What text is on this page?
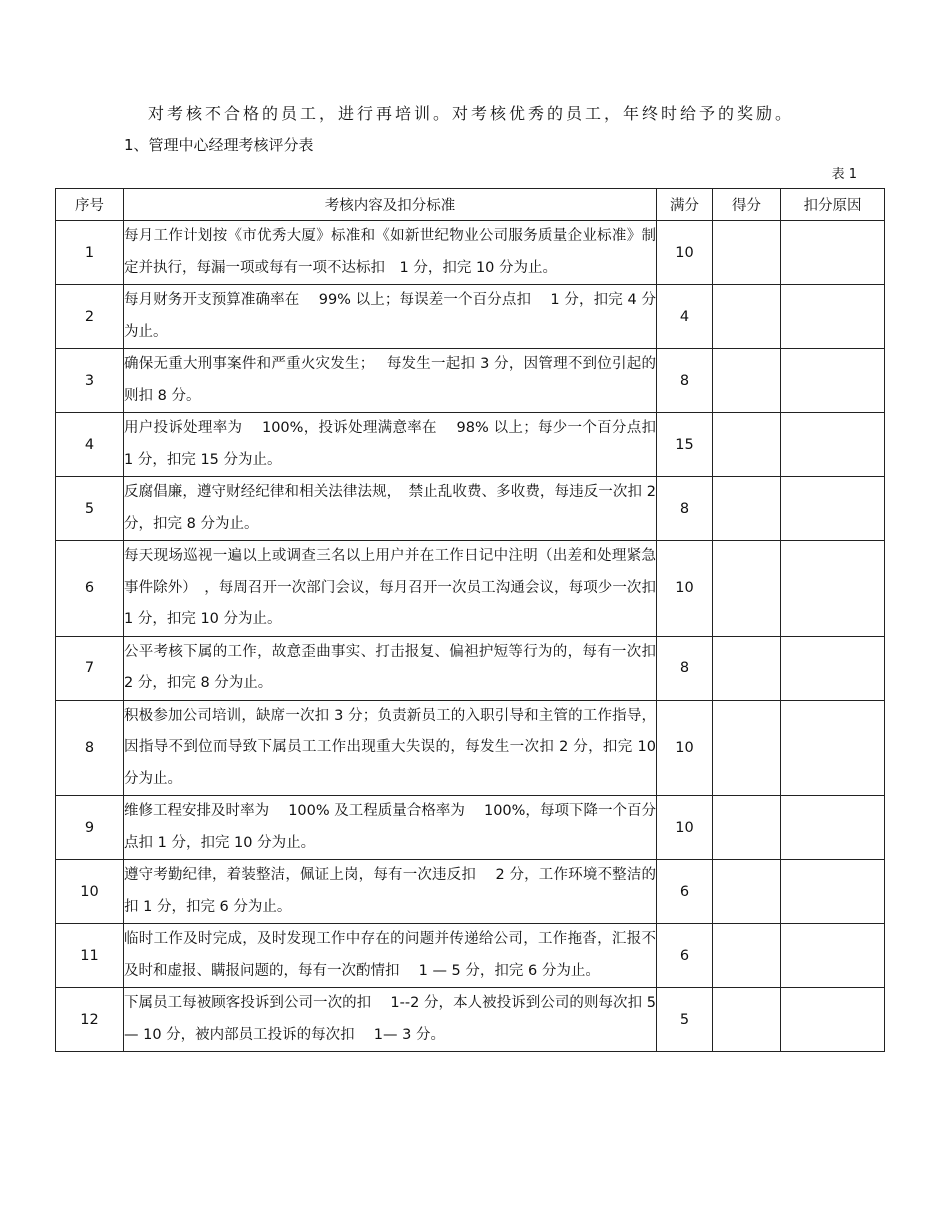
对考核不合格的员工，进行再培训。对考核优秀的员工，年终时给予的奖励。

1、管理中心经理考核评分表

表 1

序号	考核内容及扣分标准	满分	得分	扣分原因
1	每月工作计划按《市优秀大厦》标准和《如新世纪物业公司服务质量企业标准》制定并执行，每漏一项或每有一项不达标扣　1 分，扣完 10 分为止。	10		
2	每月财务开支预算准确率在　 99% 以上；每误差一个百分点扣　 1 分，扣完 4 分为止。	4		
3	确保无重大刑事案件和严重火灾发生；　 每发生一起扣 3 分，因管理不到位引起的则扣 8 分。	8		
4	用户投诉处理率为　 100%，投诉处理满意率在　 98% 以上；每少一个百分点扣 1 分，扣完 15 分为止。	15		
5	反腐倡廉，遵守财经纪律和相关法律法规，　禁止乱收费、多收费，每违反一次扣 2 分，扣完 8 分为止。	8		
6	每天现场巡视一遍以上或调查三名以上用户并在工作日记中注明（出差和处理紧急事件除外）　，每周召开一次部门会议，每月召开一次员工沟通会议，每项少一次扣　 1 分，扣完 10 分为止。	10		
7	公平考核下属的工作，故意歪曲事实、打击报复、偏袒护短等行为的，每有一次扣 2 分，扣完 8 分为止。	8		
8	积极参加公司培训，缺席一次扣 3 分；负责新员工的入职引导和主管的工作指导，因指导不到位而导致下属员工工作出现重大失误的，每发生一次扣 2 分，扣完 10 分为止。	10		
9	维修工程安排及时率为　 100% 及工程质量合格率为　 100%，每项下降一个百分点扣 1 分，扣完 10 分为止。	10		
10	遵守考勤纪律，着装整洁，佩证上岗，每有一次违反扣　 2 分，工作环境不整洁的扣 1 分，扣完 6 分为止。	6		
11	临时工作及时完成，及时发现工作中存在的问题并传递给公司，工作拖沓，汇报不及时和虚报、瞒报问题的，每有一次酌情扣　 1 — 5 分，扣完 6 分为止。	6		
12	下属员工每被顾客投诉到公司一次的扣　 1--2 分，本人被投诉到公司的则每次扣 5— 10 分，被内部员工投诉的每次扣　 1— 3 分。	5		
